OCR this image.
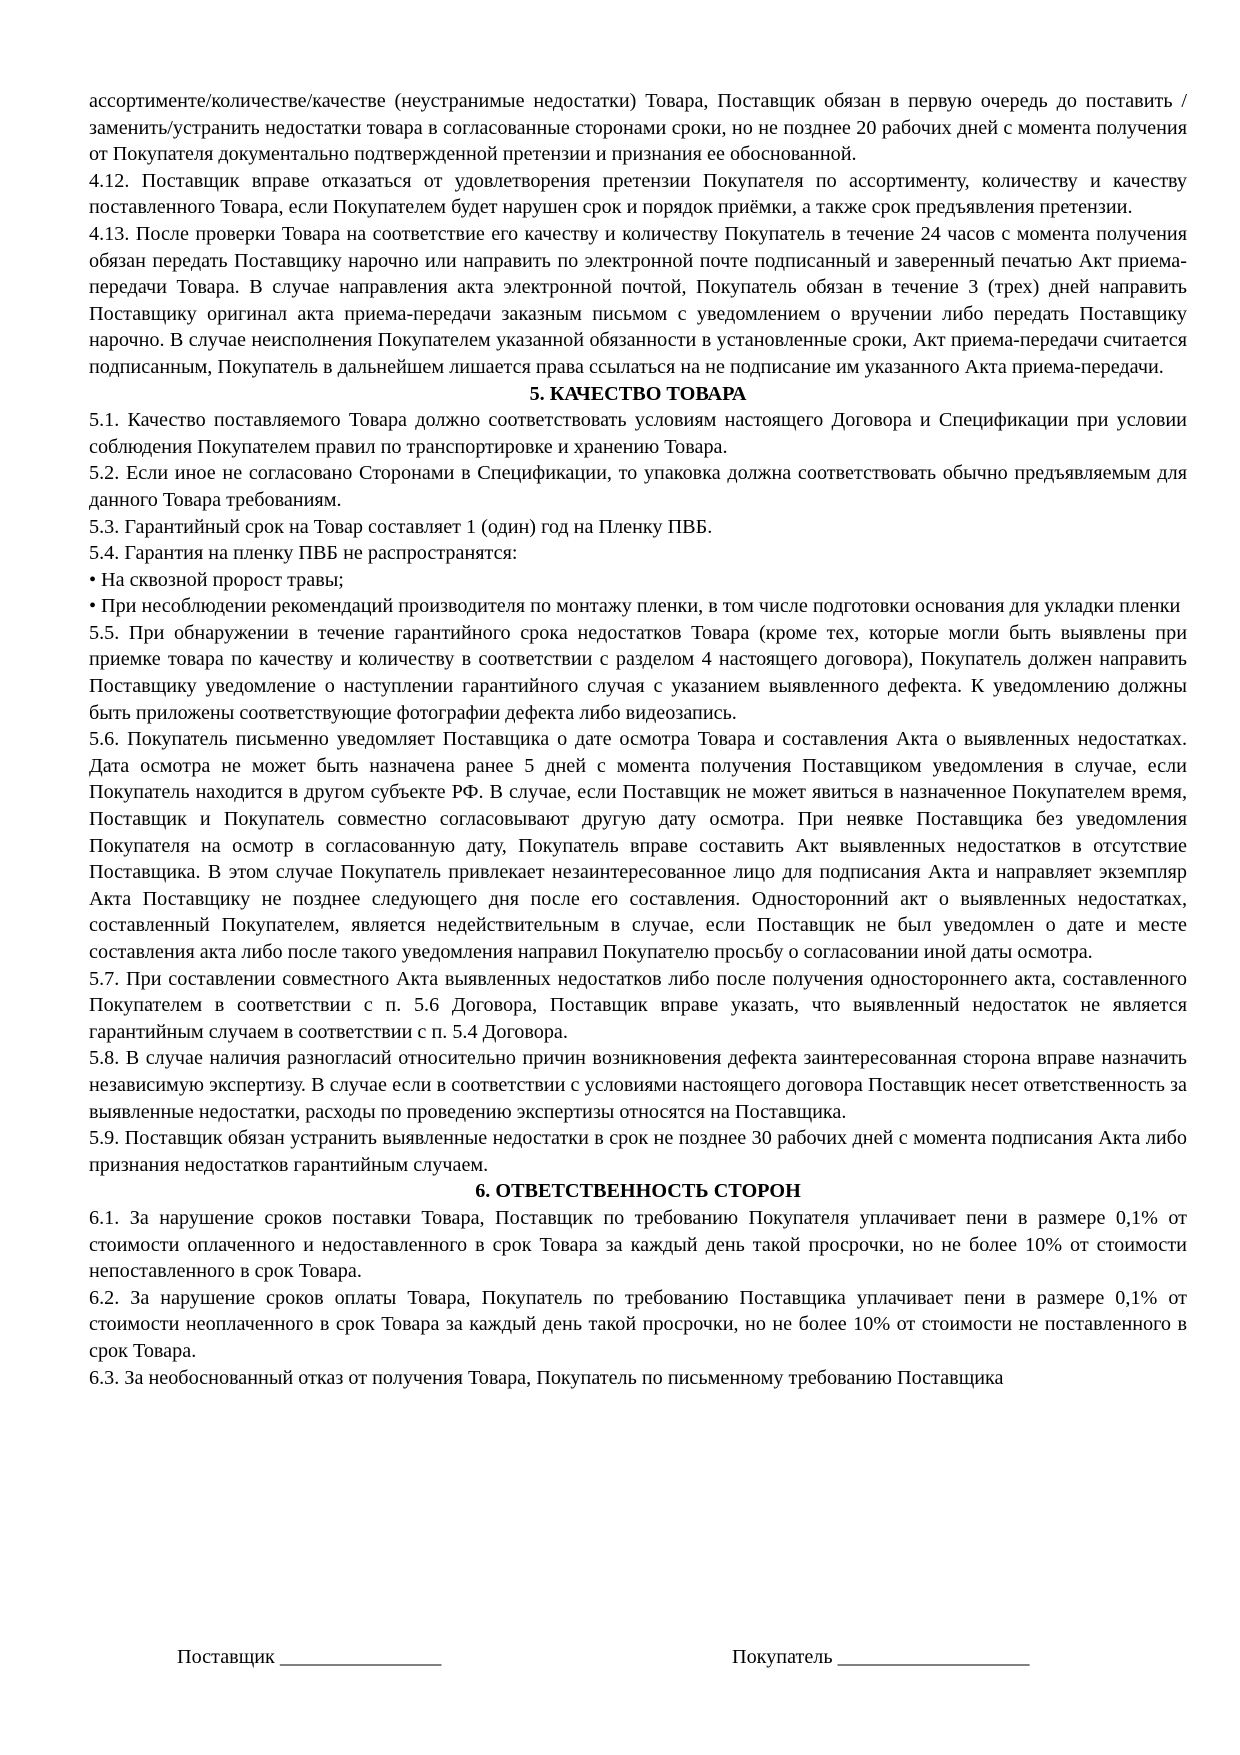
ассортименте/количестве/качестве (неустранимые недостатки) Товара, Поставщик обязан в первую очередь до поставить /заменить/устранить недостатки товара в согласованные сторонами сроки, но не позднее 20 рабочих дней с момента получения от Покупателя документально подтвержденной претензии и признания ее обоснованной.

4.12. Поставщик вправе отказаться от удовлетворения претензии Покупателя по ассортименту, количеству и качеству поставленного Товара, если Покупателем будет нарушен срок и порядок приёмки, а также срок предъявления претензии.

4.13. После проверки Товара на соответствие его качеству и количеству Покупатель в течение 24 часов с момента получения обязан передать Поставщику нарочно или направить по электронной почте подписанный и заверенный печатью Акт приема-передачи Товара. В случае направления акта электронной почтой, Покупатель обязан в течение 3 (трех) дней направить Поставщику оригинал акта приема-передачи заказным письмом с уведомлением о вручении либо передать Поставщику нарочно. В случае неисполнения Покупателем указанной обязанности в установленные сроки, Акт приема-передачи считается подписанным, Покупатель в дальнейшем лишается права ссылаться на не подписание им указанного Акта приема-передачи.

5. КАЧЕСТВО ТОВАРА

5.1. Качество поставляемого Товара должно соответствовать условиям настоящего Договора и Спецификации при условии соблюдения Покупателем правил по транспортировке и хранению Товара.

5.2. Если иное не согласовано Сторонами в Спецификации, то упаковка должна соответствовать обычно предъявляемым для данного Товара требованиям.

5.3. Гарантийный срок на Товар составляет 1 (один) год на Пленку ПВБ.

5.4. Гарантия на пленку ПВБ не распространятся:

• На сквозной пророст травы;

• При несоблюдении рекомендаций производителя по монтажу пленки, в том числе подготовки основания для укладки пленки

5.5. При обнаружении в течение гарантийного срока недостатков Товара (кроме тех, которые могли быть выявлены при приемке товара по качеству и количеству в соответствии с разделом 4 настоящего договора), Покупатель должен направить Поставщику уведомление о наступлении гарантийного случая с указанием выявленного дефекта. К уведомлению должны быть приложены соответствующие фотографии дефекта либо видеозапись.

5.6. Покупатель письменно уведомляет Поставщика о дате осмотра Товара и составления Акта о выявленных недостатках. Дата осмотра не может быть назначена ранее 5 дней с момента получения Поставщиком уведомления в случае, если Покупатель находится в другом субъекте РФ. В случае, если Поставщик не может явиться в назначенное Покупателем время, Поставщик и Покупатель совместно согласовывают другую дату осмотра. При неявке Поставщика без уведомления Покупателя на осмотр в согласованную дату, Покупатель вправе составить Акт выявленных недостатков в отсутствие Поставщика. В этом случае Покупатель привлекает незаинтересованное лицо для подписания Акта и направляет экземпляр Акта Поставщику не позднее следующего дня после его составления. Односторонний акт о выявленных недостатках, составленный Покупателем, является недействительным в случае, если Поставщик не был уведомлен о дате и месте составления акта либо после такого уведомления направил Покупателю просьбу о согласовании иной даты осмотра.

5.7. При составлении совместного Акта выявленных недостатков либо после получения одностороннего акта, составленного Покупателем в соответствии с п. 5.6 Договора, Поставщик вправе указать, что выявленный недостаток не является гарантийным случаем в соответствии с п. 5.4 Договора.

5.8. В случае наличия разногласий относительно причин возникновения дефекта заинтересованная сторона вправе назначить независимую экспертизу. В случае если в соответствии с условиями настоящего договора Поставщик несет ответственность за выявленные недостатки, расходы по проведению экспертизы относятся на Поставщика.

5.9. Поставщик обязан устранить выявленные недостатки в срок не позднее 30 рабочих дней с момента подписания Акта либо признания недостатков гарантийным случаем.

6. ОТВЕТСТВЕННОСТЬ СТОРОН

6.1. За нарушение сроков поставки Товара, Поставщик по требованию Покупателя уплачивает пени в размере 0,1% от стоимости оплаченного и недоставленного в срок Товара за каждый день такой просрочки, но не более 10% от стоимости непоставленного в срок Товара.

6.2. За нарушение сроков оплаты Товара, Покупатель по требованию Поставщика уплачивает пени в размере 0,1% от стоимости неоплаченного в срок Товара за каждый день такой просрочки, но не более 10% от стоимости не поставленного в срок Товара.

6.3. За необоснованный отказ от получения Товара, Покупатель по письменному требованию Поставщика

Поставщик ________________	Покупатель ___________________
